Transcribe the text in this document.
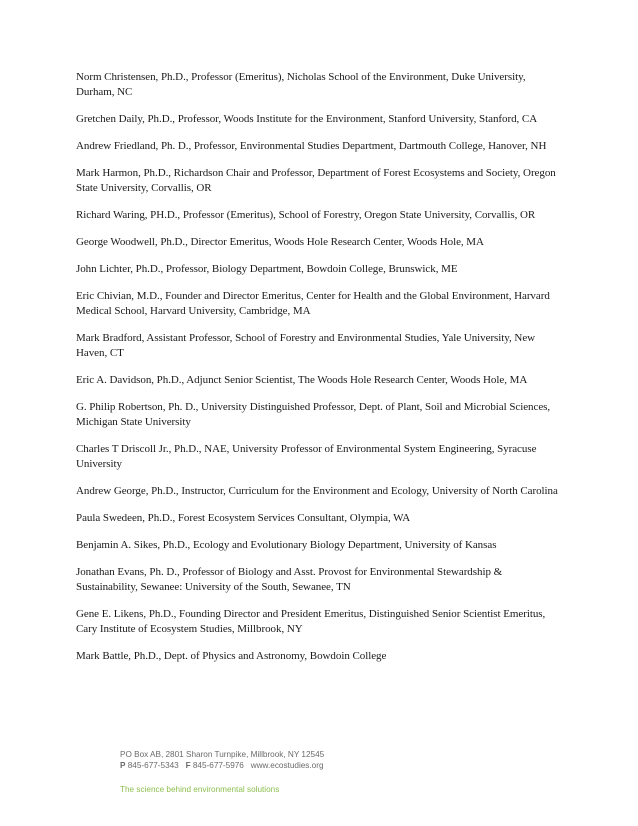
Norm Christensen, Ph.D., Professor (Emeritus), Nicholas School of the Environment, Duke University, Durham, NC
Gretchen Daily, Ph.D., Professor, Woods Institute for the Environment, Stanford University, Stanford, CA
Andrew Friedland, Ph. D., Professor, Environmental Studies Department, Dartmouth College, Hanover, NH
Mark Harmon, Ph.D., Richardson Chair and Professor, Department of Forest Ecosystems and Society, Oregon State University, Corvallis, OR
Richard Waring, PH.D., Professor (Emeritus), School of Forestry, Oregon State University, Corvallis, OR
George Woodwell, Ph.D., Director Emeritus, Woods Hole Research Center, Woods Hole, MA
John Lichter, Ph.D., Professor, Biology Department, Bowdoin College, Brunswick, ME
Eric Chivian, M.D., Founder and Director Emeritus, Center for Health and the Global Environment, Harvard Medical School, Harvard University, Cambridge, MA
Mark Bradford, Assistant Professor, School of Forestry and Environmental Studies, Yale University, New Haven, CT
Eric A. Davidson, Ph.D., Adjunct Senior Scientist, The Woods Hole Research Center, Woods Hole, MA
G. Philip Robertson, Ph. D., University Distinguished Professor, Dept. of Plant, Soil and Microbial Sciences, Michigan State University
Charles T Driscoll Jr., Ph.D., NAE, University Professor of Environmental System Engineering, Syracuse University
Andrew George, Ph.D., Instructor, Curriculum for the Environment and Ecology, University of North Carolina
Paula Swedeen, Ph.D., Forest Ecosystem Services Consultant, Olympia, WA
Benjamin A. Sikes, Ph.D., Ecology and Evolutionary Biology Department, University of Kansas
Jonathan Evans, Ph. D., Professor of Biology and Asst. Provost for Environmental Stewardship & Sustainability, Sewanee: University of the South, Sewanee, TN
Gene E. Likens, Ph.D., Founding Director and President Emeritus, Distinguished Senior Scientist Emeritus, Cary Institute of Ecosystem Studies, Millbrook, NY
Mark Battle, Ph.D., Dept. of Physics and Astronomy, Bowdoin College
PO Box AB, 2801 Sharon Turnpike, Millbrook, NY 12545
P 845-677-5343 F 845-677-5976 www.ecostudies.org
The science behind environmental solutions
